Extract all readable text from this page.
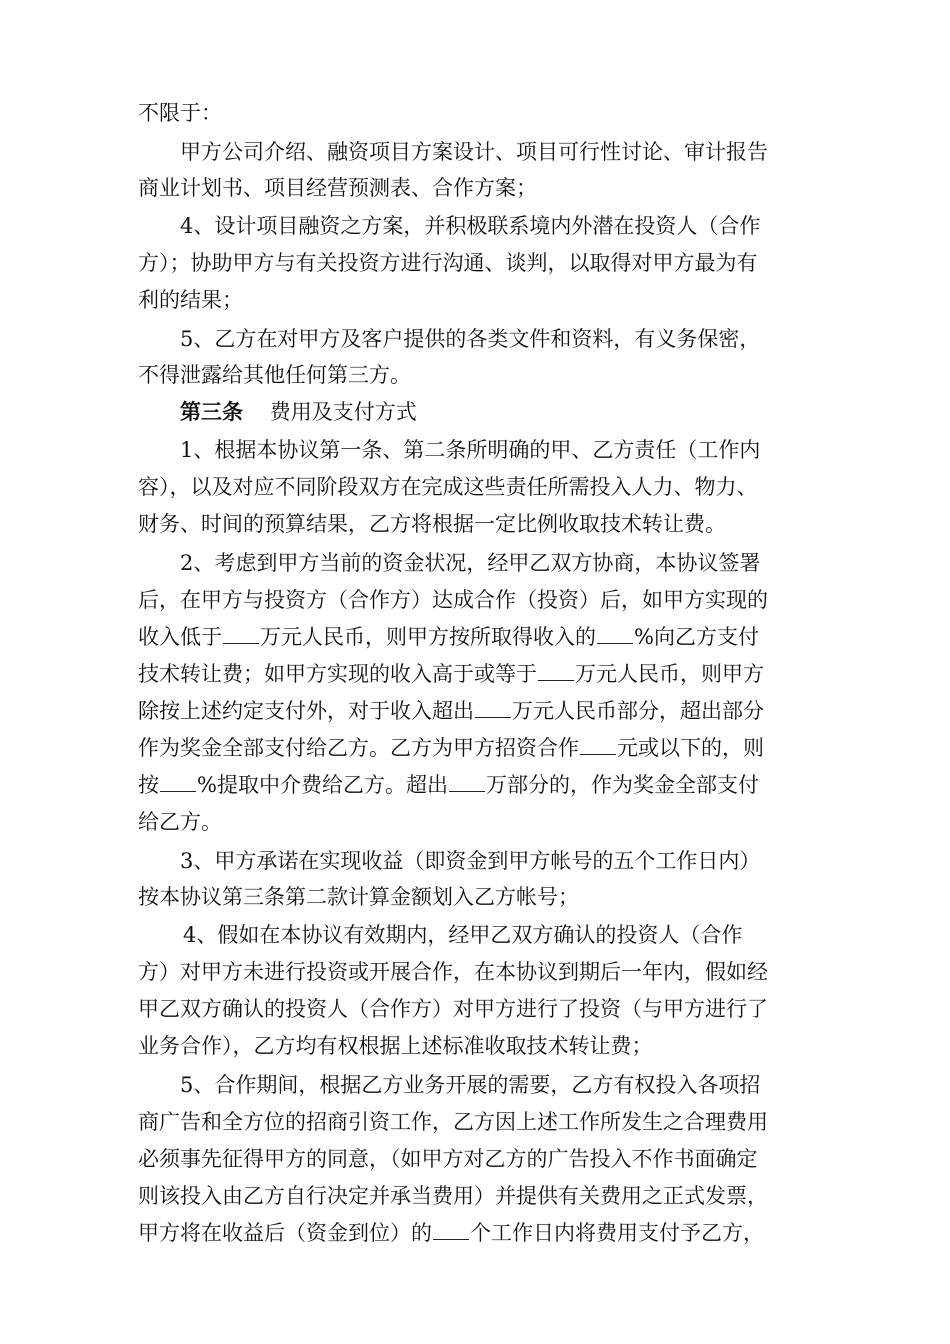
不限于：
甲方公司介绍、融资项目方案设计、项目可行性讨论、审计报告
商业计划书、项目经营预测表、合作方案；
4、设计项目融资之方案，并积极联系境内外潜在投资人（合作
方）；协助甲方与有关投资方进行沟通、谈判，以取得对甲方最为有
利的结果；
5、乙方在对甲方及客户提供的各类文件和资料，有义务保密，
不得泄露给其他任何第三方。
第三条 费用及支付方式
1、根据本协议第一条、第二条所明确的甲、乙方责任（工作内
容），以及对应不同阶段双方在完成这些责任所需投入人力、物力、
财务、时间的预算结果，乙方将根据一定比例收取技术转让费。
2、考虑到甲方当前的资金状况，经甲乙双方协商，本协议签署
后，在甲方与投资方（合作方）达成合作（投资）后，如甲方实现的
收入低于 万元人民币，则甲方按所取得收入的 %向乙方支付
技术转让费；如甲方实现的收入高于或等于 万元人民币，则甲方
除按上述约定支付外，对于收入超出 万元人民币部分，超出部分
作为奖金全部支付给乙方。乙方为甲方招资合作 元或以下的，则
按 %提取中介费给乙方。超出 万部分的，作为奖金全部支付
给乙方。
3、甲方承诺在实现收益（即资金到甲方帐号的五个工作日内）
按本协议第三条第二款计算金额划入乙方帐号；
4、假如在本协议有效期内，经甲乙双方确认的投资人（合作
方）对甲方未进行投资或开展合作，在本协议到期后一年内，假如经
甲乙双方确认的投资人（合作方）对甲方进行了投资（与甲方进行了
业务合作），乙方均有权根据上述标准收取技术转让费；
5、合作期间，根据乙方业务开展的需要，乙方有权投入各项招
商广告和全方位的招商引资工作，乙方因上述工作所发生之合理费用
必须事先征得甲方的同意，（如甲方对乙方的广告投入不作书面确定
则该投入由乙方自行决定并承当费用）并提供有关费用之正式发票，
甲方将在收益后（资金到位）的 个工作日内将费用支付予乙方，
